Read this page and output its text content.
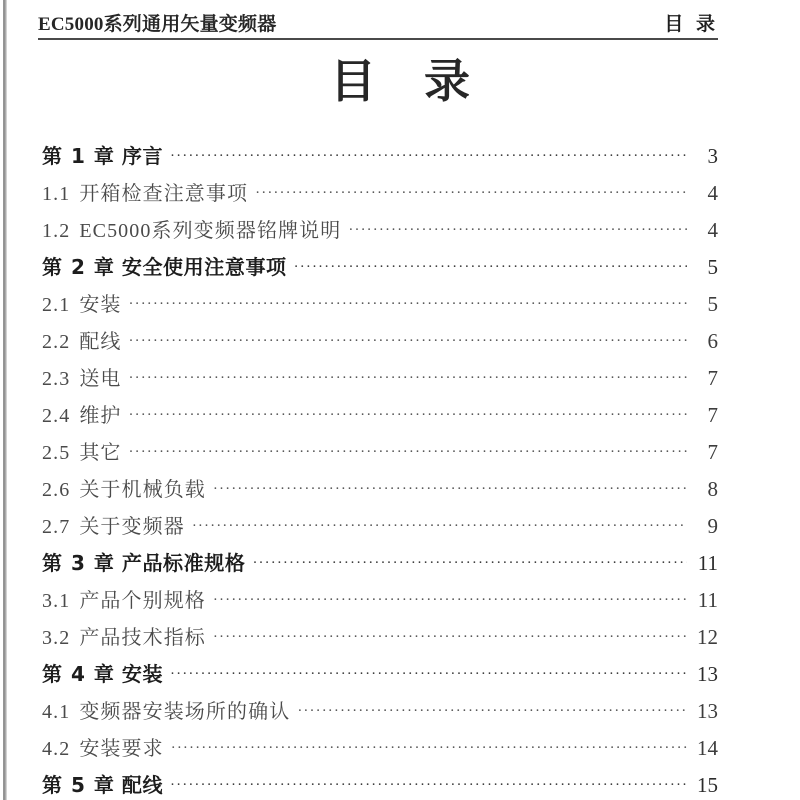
EC5000系列通用矢量变频器	目 录
目 录
第 1 章 序言 ·····	3
1.1 开箱检查注意事项 ·····	4
1.2 EC5000系列变频器铭牌说明 ·····	4
第 2 章 安全使用注意事项 ·····	5
2.1 安装 ·····	5
2.2 配线 ·····	6
2.3 送电 ·····	7
2.4 维护 ·····	7
2.5 其它 ·····	7
2.6 关于机械负载 ·····	8
2.7 关于变频器 ·····	9
第 3 章 产品标准规格 ·····	11
3.1 产品个别规格 ·····	11
3.2 产品技术指标 ·····	12
第 4 章 安装 ·····	13
4.1 变频器安装场所的确认 ·····	13
4.2 安装要求 ·····	14
第 5 章 配线 ·····	15
